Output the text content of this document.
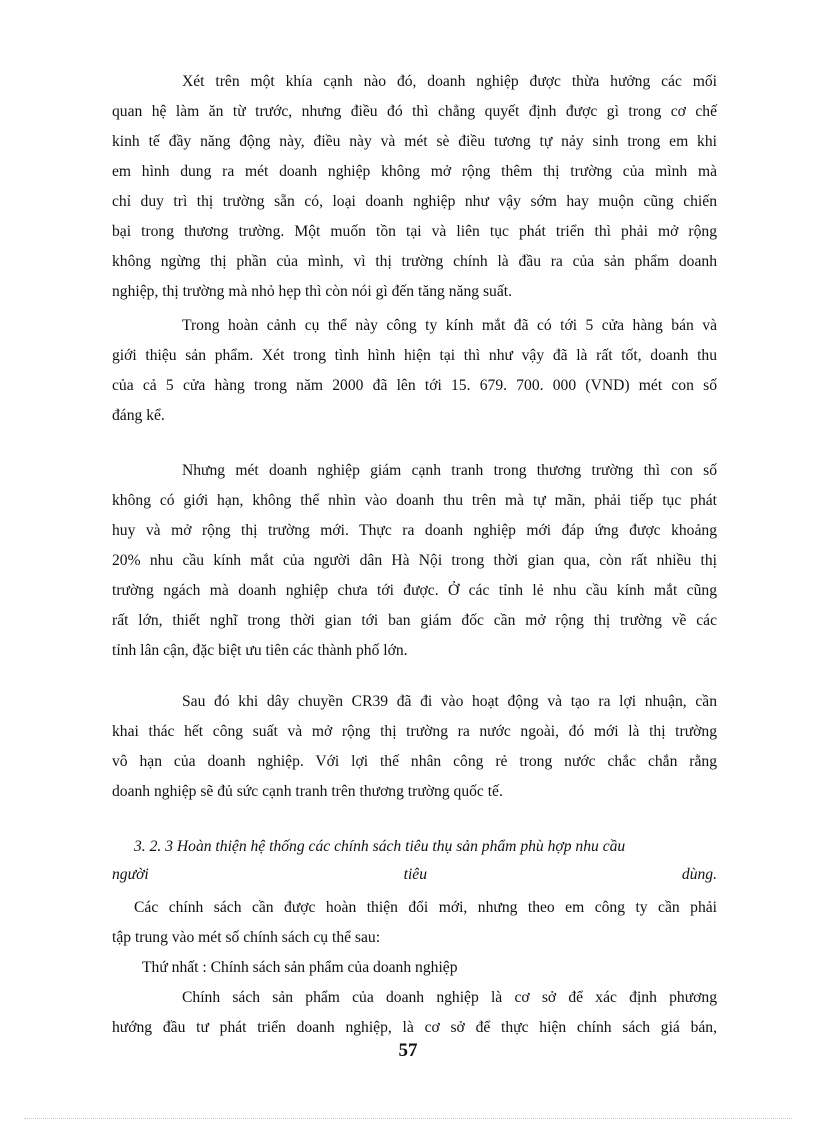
Xét trên một khía cạnh nào đó, doanh nghiệp được thừa hưởng các mối
quan hệ làm ăn từ trước, nhưng điều đó thì chẳng quyết định được gì trong cơ chế
kinh tế đầy năng động này, điều này và mét sè điều tương tự nảy sinh trong em khi
em hình dung ra mét doanh nghiệp không mở rộng thêm thị trường của mình mà
chỉ duy trì thị trường sẵn có, loại doanh nghiệp như vậy sớm hay muộn cũng chiến
bại trong thương trường. Một muốn tồn tại và liên tục phát triển thì phải mở rộng
không ngừng thị phần của mình, vì thị trường chính là đầu ra của sản phẩm doanh
nghiệp, thị trường mà nhỏ hẹp thì còn nói gì đến tăng năng suất.
Trong hoàn cảnh cụ thể này công ty kính mắt đã có tới 5 cửa hàng bán và
giới thiệu sản phẩm. Xét trong tình hình hiện tại thì như vậy đã là rất tốt, doanh thu
của cả 5 cửa hàng trong năm 2000 đã lên tới 15. 679. 700. 000 (VND) mét con số
đáng kể.
Nhưng mét doanh nghiệp giám cạnh tranh trong thương trường thì con số
không có giới hạn, không thể nhìn vào doanh thu trên mà tự mãn, phải tiếp tục phát
huy và mở rộng thị trường mới. Thực ra doanh nghiệp mới đáp ứng được khoảng
20% nhu cầu kính mắt của người dân Hà Nội trong thời gian qua, còn rất nhiều thị
trường ngách mà doanh nghiệp chưa tới được. Ở các tỉnh lẻ nhu cầu kính mắt cũng
rất lớn, thiết nghĩ trong thời gian tới ban giám đốc cần mở rộng thị trường về các
tỉnh lân cận, đặc biệt ưu tiên các thành phố lớn.
Sau đó khi dây chuyền CR39 đã đi vào hoạt động và tạo ra lợi nhuận, cần
khai thác hết công suất và mở rộng thị trường ra nước ngoài, đó mới là thị trường
vô hạn của doanh nghiệp. Với lợi thế nhân công rẻ trong nước chắc chắn rằng
doanh nghiệp sẽ đủ sức cạnh tranh trên thương trường quốc tế.
3. 2. 3 Hoàn thiện hệ thống các chính sách tiêu thụ sản phẩm phù hợp nhu cầu
người tiêu dùng.
Các chính sách cần được hoàn thiện đổi mới, nhưng theo em công ty cần phải
tập trung vào mét số chính sách cụ thể sau:
Thứ nhất : Chính sách sản phẩm của doanh nghiệp
Chính sách sản phẩm của doanh nghiệp là cơ sở để xác định phương
hướng đầu tư phát triển doanh nghiệp, là cơ sở để thực hiện chính sách giá bán,
57
